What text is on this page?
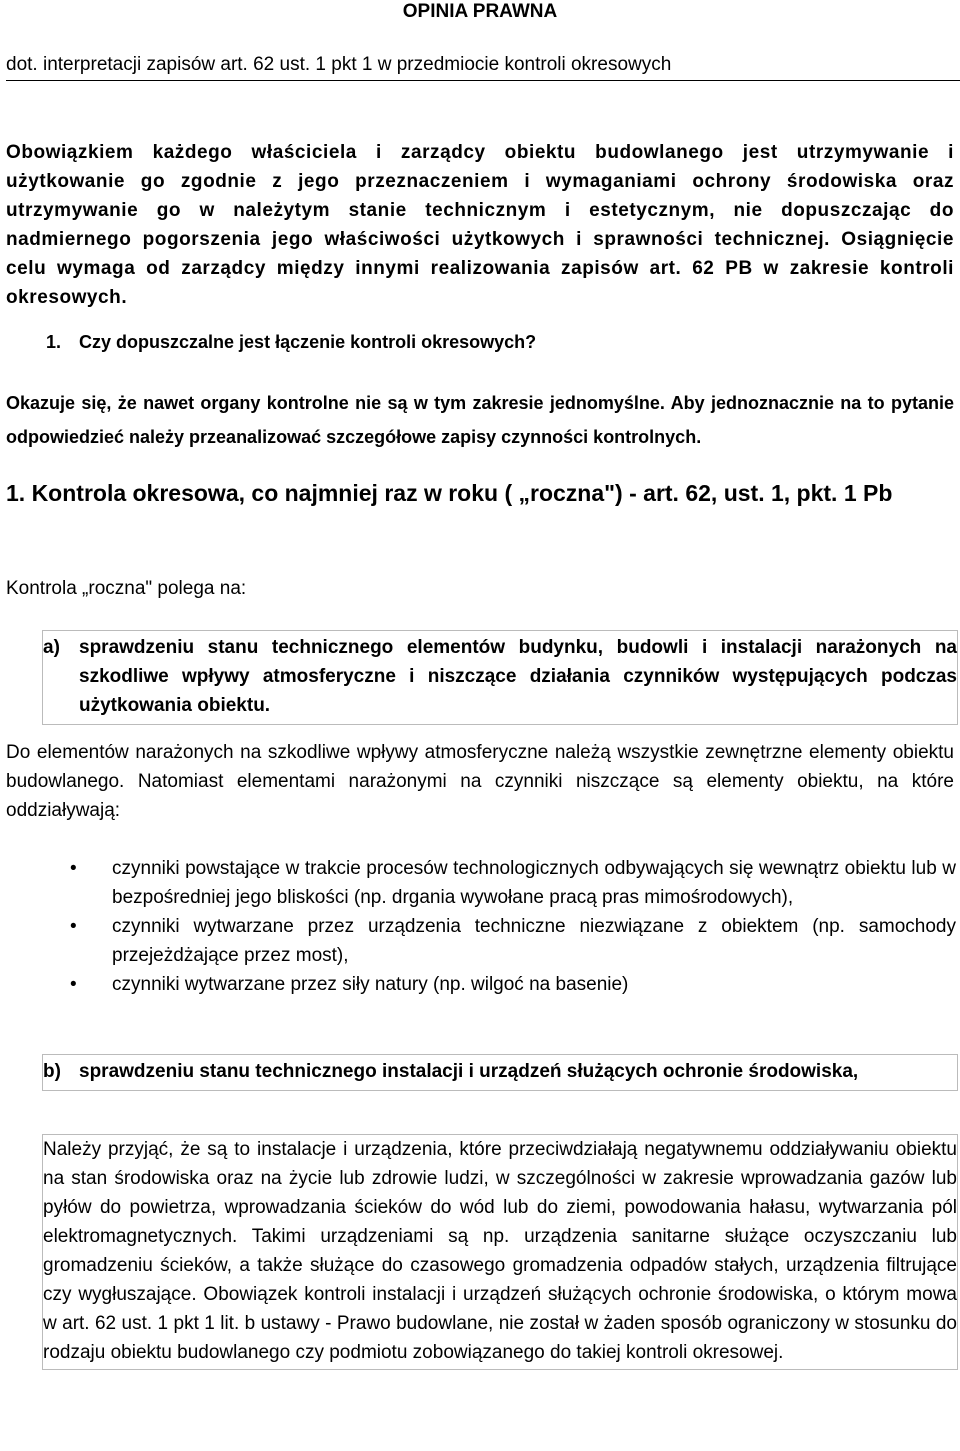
OPINIA PRAWNA
dot. interpretacji zapisów art. 62 ust. 1 pkt 1 w przedmiocie kontroli okresowych
Obowiązkiem każdego właściciela i zarządcy obiektu budowlanego jest utrzymywanie i użytkowanie go zgodnie z jego przeznaczeniem i wymaganiami ochrony środowiska oraz utrzymywanie go w należytym stanie technicznym i estetycznym, nie dopuszczając do nadmiernego pogorszenia jego właściwości użytkowych i sprawności technicznej. Osiągnięcie celu wymaga od zarządcy między innymi realizowania zapisów art. 62 PB w zakresie kontroli okresowych.
1. Czy dopuszczalne jest łączenie kontroli okresowych?
Okazuje się, że nawet organy kontrolne nie są w tym zakresie jednomyślne. Aby jednoznacznie na to pytanie odpowiedzieć należy przeanalizować szczegółowe zapisy czynności kontrolnych.
1. Kontrola okresowa, co najmniej raz w roku ( „roczna") - art. 62, ust. 1, pkt. 1 Pb
Kontrola „roczna" polega na:
a) sprawdzeniu stanu technicznego elementów budynku, budowli i instalacji narażonych na szkodliwe wpływy atmosferyczne i niszczące działania czynników występujących podczas użytkowania obiektu.
Do elementów narażonych na szkodliwe wpływy atmosferyczne należą wszystkie zewnętrzne elementy obiektu budowlanego. Natomiast elementami narażonymi na czynniki niszczące są elementy obiektu, na które oddziaływają:
• czynniki powstające w trakcie procesów technologicznych odbywających się wewnątrz obiektu lub w bezpośredniej jego bliskości (np. drgania wywołane pracą pras mimośrodowych),
• czynniki wytwarzane przez urządzenia techniczne niezwiązane z obiektem (np. samochody przejeżdżające przez most),
• czynniki wytwarzane przez siły natury (np. wilgoć na basenie)
b) sprawdzeniu stanu technicznego instalacji i urządzeń służących ochronie środowiska,
Należy przyjąć, że są to instalacje i urządzenia, które przeciwdziałają negatywnemu oddziaływaniu obiektu na stan środowiska oraz na życie lub zdrowie ludzi, w szczególności w zakresie wprowadzania gazów lub pyłów do powietrza, wprowadzania ścieków do wód lub do ziemi, powodowania hałasu, wytwarzania pól elektromagnetycznych. Takimi urządzeniami są np. urządzenia sanitarne służące oczyszczaniu lub gromadzeniu ścieków, a także służące do czasowego gromadzenia odpadów stałych, urządzenia filtrujące czy wygłuszające. Obowiązek kontroli instalacji i urządzeń służących ochronie środowiska, o którym mowa w art. 62 ust. 1 pkt 1 lit. b ustawy - Prawo budowlane, nie został w żaden sposób ograniczony w stosunku do rodzaju obiektu budowlanego czy podmiotu zobowiązanego do takiej kontroli okresowej.
